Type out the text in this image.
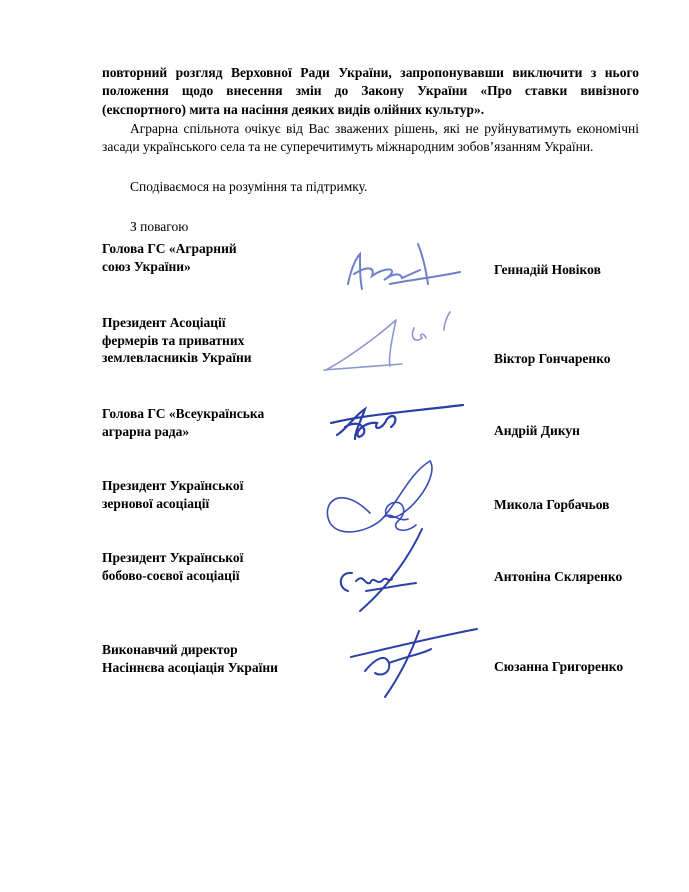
повторний розгляд Верховної Ради України, запропонувавши виключити з нього положення щодо внесення змін до Закону України «Про ставки вивізного (експортного) мита на насіння деяких видів олійних культур».
Аграрна спільнота очікує від Вас зважених рішень, які не руйнуватимуть економічні засади українського села та не суперечитимуть міжнародним зобов’язанням України.
Сподіваємося на розуміння та підтримку.
З повагою
Голова ГС «Аграрний
союз України»	Геннадій Новіков
Президент Асоціації
фермерів та приватних
землевласників України	Віктор Гончаренко
Голова ГС «Всеукраїнська
аграрна рада»	Андрій Дикун
Президент Української
зернової асоціації	Микола Горбачьов
Президент Української
бобово-соєвої асоціації	Антоніна Скляренко
Виконавчий директор
Насіннєва асоціація України	Сюзанна Григоренко
